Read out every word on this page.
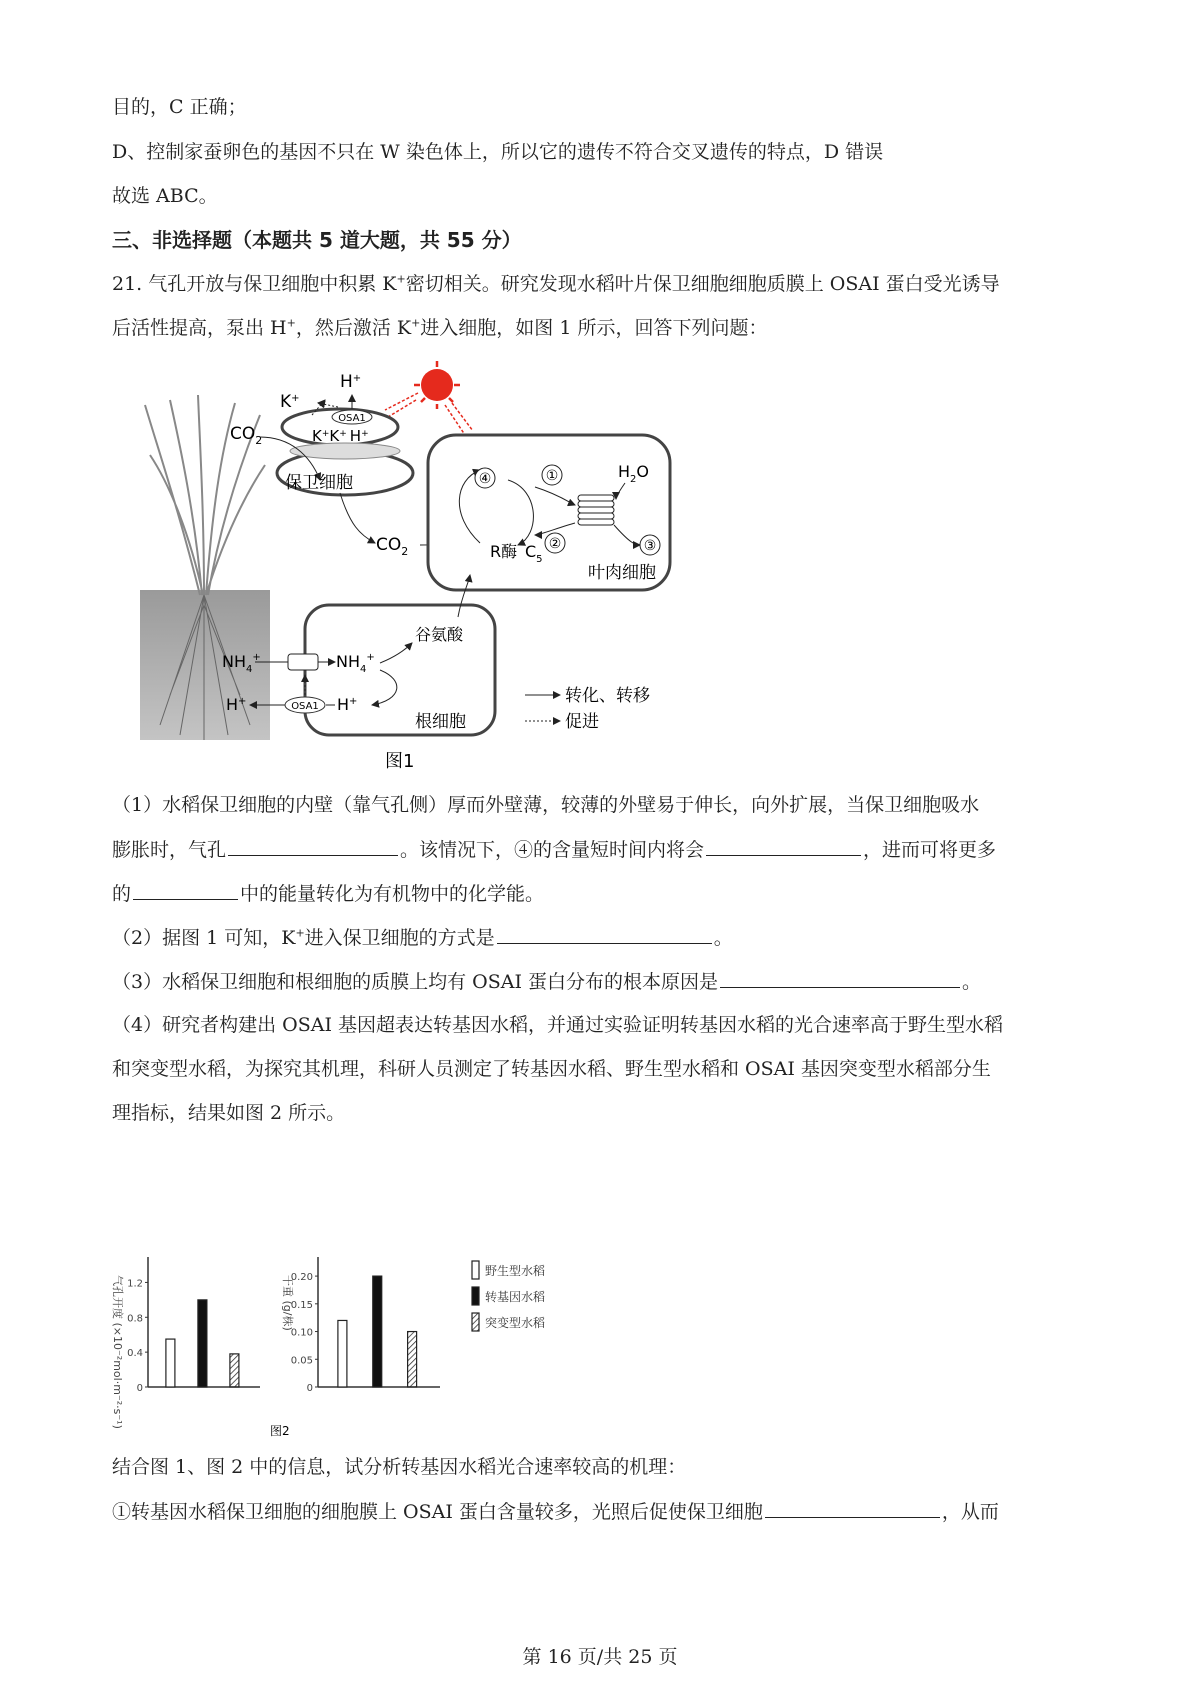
目的，C 正确；
D、控制家蚕卵色的基因不只在 W 染色体上，所以它的遗传不符合交叉遗传的特点，D 错误
故选 ABC。
三、非选择题（本题共 5 道大题，共 55 分）
21. 气孔开放与保卫细胞中积累 K+密切相关。研究发现水稻叶片保卫细胞细胞质膜上 OSAI 蛋白受光诱导
后活性提高，泵出 H+，然后激活 K+进入细胞，如图 1 所示，回答下列问题：
K+
H+
OSA1
K+K+ H+
$CO_2$
保卫细胞
$CO_2$
④
R酶 $C_5$
①
②
$H_2O$
③
叶肉细胞
谷氨酸
$NH_4^+$	$NH_4^+$
OSA1 H+
H+
根细胞
转化、转移
促进
图1
（1）水稻保卫细胞的内壁（靠气孔侧）厚而外壁薄，较薄的外壁易于伸长，向外扩展，当保卫细胞吸水
膨胀时，气孔	。该情况下，④的含量短时间内将会	，进而可将更多
的	中的能量转化为有机物中的化学能。
（2）据图 1 可知，K+进入保卫细胞的方式是	。
（3）水稻保卫细胞和根细胞的质膜上均有 OSAI 蛋白分布的根本原因是	。
（4）研究者构建出 OSAI 基因超表达转基因水稻，并通过实验证明转基因水稻的光合速率高于野生型水稻
和突变型水稻，为探究其机理，科研人员测定了转基因水稻、野生型水稻和 OSAI 基因突变型水稻部分生
理指标，结果如图 2 所示。
0
0.4
0.8
1.2
气孔开度 (×10⁻²mol·m⁻²·s⁻¹)	0
0.05
0.10
0.15
0.20
干重 (g/株)
野生型水稻
转基因水稻
突变型水稻
图2
结合图 1、图 2 中的信息，试分析转基因水稻光合速率较高的机理：
①转基因水稻保卫细胞的细胞膜上 OSAI 蛋白含量较多，光照后促使保卫细胞	，从而
第 16 页/共 25 页
